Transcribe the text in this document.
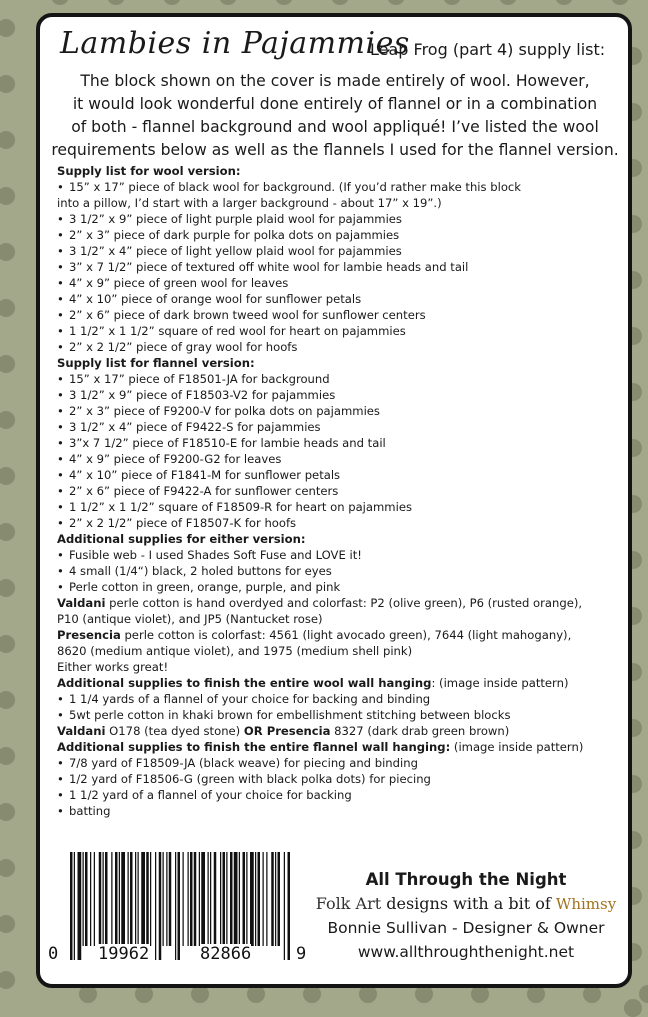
Lambies in Pajammies
Leap Frog (part 4) supply list:

The block shown on the cover is made entirely of wool. However,

it would look wonderful done entirely of flannel or in a combination

of both - flannel background and wool appliqué! I’ve listed the wool

requirements below as well as the flannels I used for the flannel version.

Supply list for wool version:
• 15” x 17” piece of black wool for background. (If you’d rather make this block
into a pillow, I’d start with a larger background - about 17” x 19”.)
• 3 1/2” x 9” piece of light purple plaid wool for pajammies
• 2” x 3” piece of dark purple for polka dots on pajammies
• 3 1/2” x 4” piece of light yellow plaid wool for pajammies
• 3” x 7 1/2” piece of textured off white wool for lambie heads and tail
• 4” x 9” piece of green wool for leaves
• 4” x 10” piece of orange wool for sunflower petals
• 2” x 6” piece of dark brown tweed wool for sunflower centers
• 1 1/2” x 1 1/2” square of red wool for heart on pajammies
• 2” x 2 1/2” piece of gray wool for hoofs
Supply list for flannel version:
• 15” x 17” piece of F18501-JA for background
• 3 1/2” x 9” piece of F18503-V2 for pajammies
• 2” x 3” piece of F9200-V for polka dots on pajammies
• 3 1/2” x 4” piece of F9422-S for pajammies
• 3”x 7 1/2” piece of F18510-E for lambie heads and tail
• 4” x 9” piece of F9200-G2 for leaves
• 4” x 10” piece of F1841-M for sunflower petals
• 2” x 6” piece of F9422-A for sunflower centers
• 1 1/2” x 1 1/2” square of F18509-R for heart on pajammies
• 2” x 2 1/2” piece of F18507-K for hoofs
Additional supplies for either version:
• Fusible web - I used Shades Soft Fuse and LOVE it!
• 4 small (1/4“) black, 2 holed buttons for eyes
• Perle cotton in green, orange, purple, and pink
Valdani perle cotton is hand overdyed and colorfast: P2 (olive green), P6 (rusted orange),
P10 (antique violet), and JP5 (Nantucket rose)
Presencia perle cotton is colorfast: 4561 (light avocado green), 7644 (light mahogany),
8620 (medium antique violet), and 1975 (medium shell pink)
Either works great!
Additional supplies to finish the entire wool wall hanging: (image inside pattern)
• 1 1/4 yards of a flannel of your choice for backing and binding
• 5wt perle cotton in khaki brown for embellishment stitching between blocks
Valdani O178 (tea dyed stone) OR Presencia 8327 (dark drab green brown)
Additional supplies to finish the entire flannel wall hanging: (image inside pattern)
• 7/8 yard of F18509-JA (black weave) for piecing and binding
• 1/2 yard of F18506-G (green with black polka dots) for piecing
• 1 1/2 yard of a flannel of your choice for backing
• batting
0 19962	82866	9
All Through the Night
Folk Art designs with a bit of Whimsy
Bonnie Sullivan - Designer & Owner
www.allthroughthenight.net
